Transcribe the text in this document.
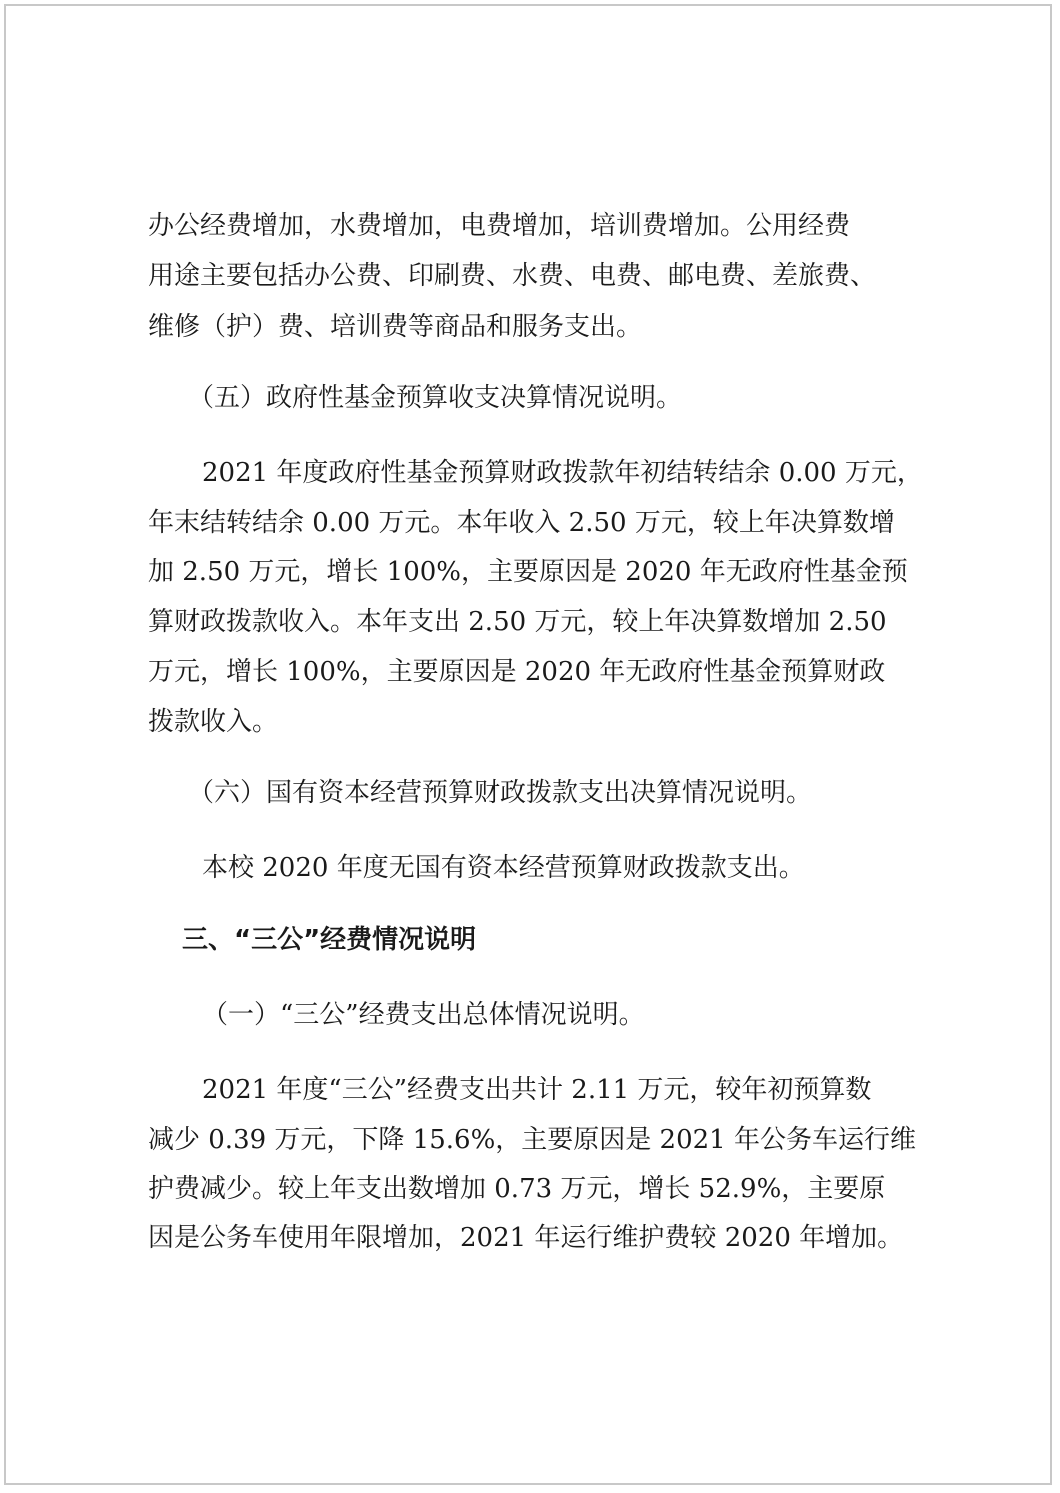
办公经费增加，水费增加，电费增加，培训费增加。公用经费

用途主要包括办公费、印刷费、水费、电费、邮电费、差旅费、

维修（护）费、培训费等商品和服务支出。

（五）政府性基金预算收支决算情况说明。

2021 年度政府性基金预算财政拨款年初结转结余 0.00 万元，

年末结转结余 0.00 万元。本年收入 2.50 万元，较上年决算数增

加 2.50 万元，增长 100%，主要原因是 2020 年无政府性基金预

算财政拨款收入。本年支出 2.50 万元，较上年决算数增加 2.50

万元，增长 100%，主要原因是 2020 年无政府性基金预算财政

拨款收入。

（六）国有资本经营预算财政拨款支出决算情况说明。

本校 2020 年度无国有资本经营预算财政拨款支出。

三、“三公”经费情况说明

（一）“三公”经费支出总体情况说明。

2021 年度“三公”经费支出共计 2.11 万元，较年初预算数

减少 0.39 万元，下降 15.6%，主要原因是 2021 年公务车运行维

护费减少。较上年支出数增加 0.73 万元，增长 52.9%，主要原

因是公务车使用年限增加，2021 年运行维护费较 2020 年增加。
